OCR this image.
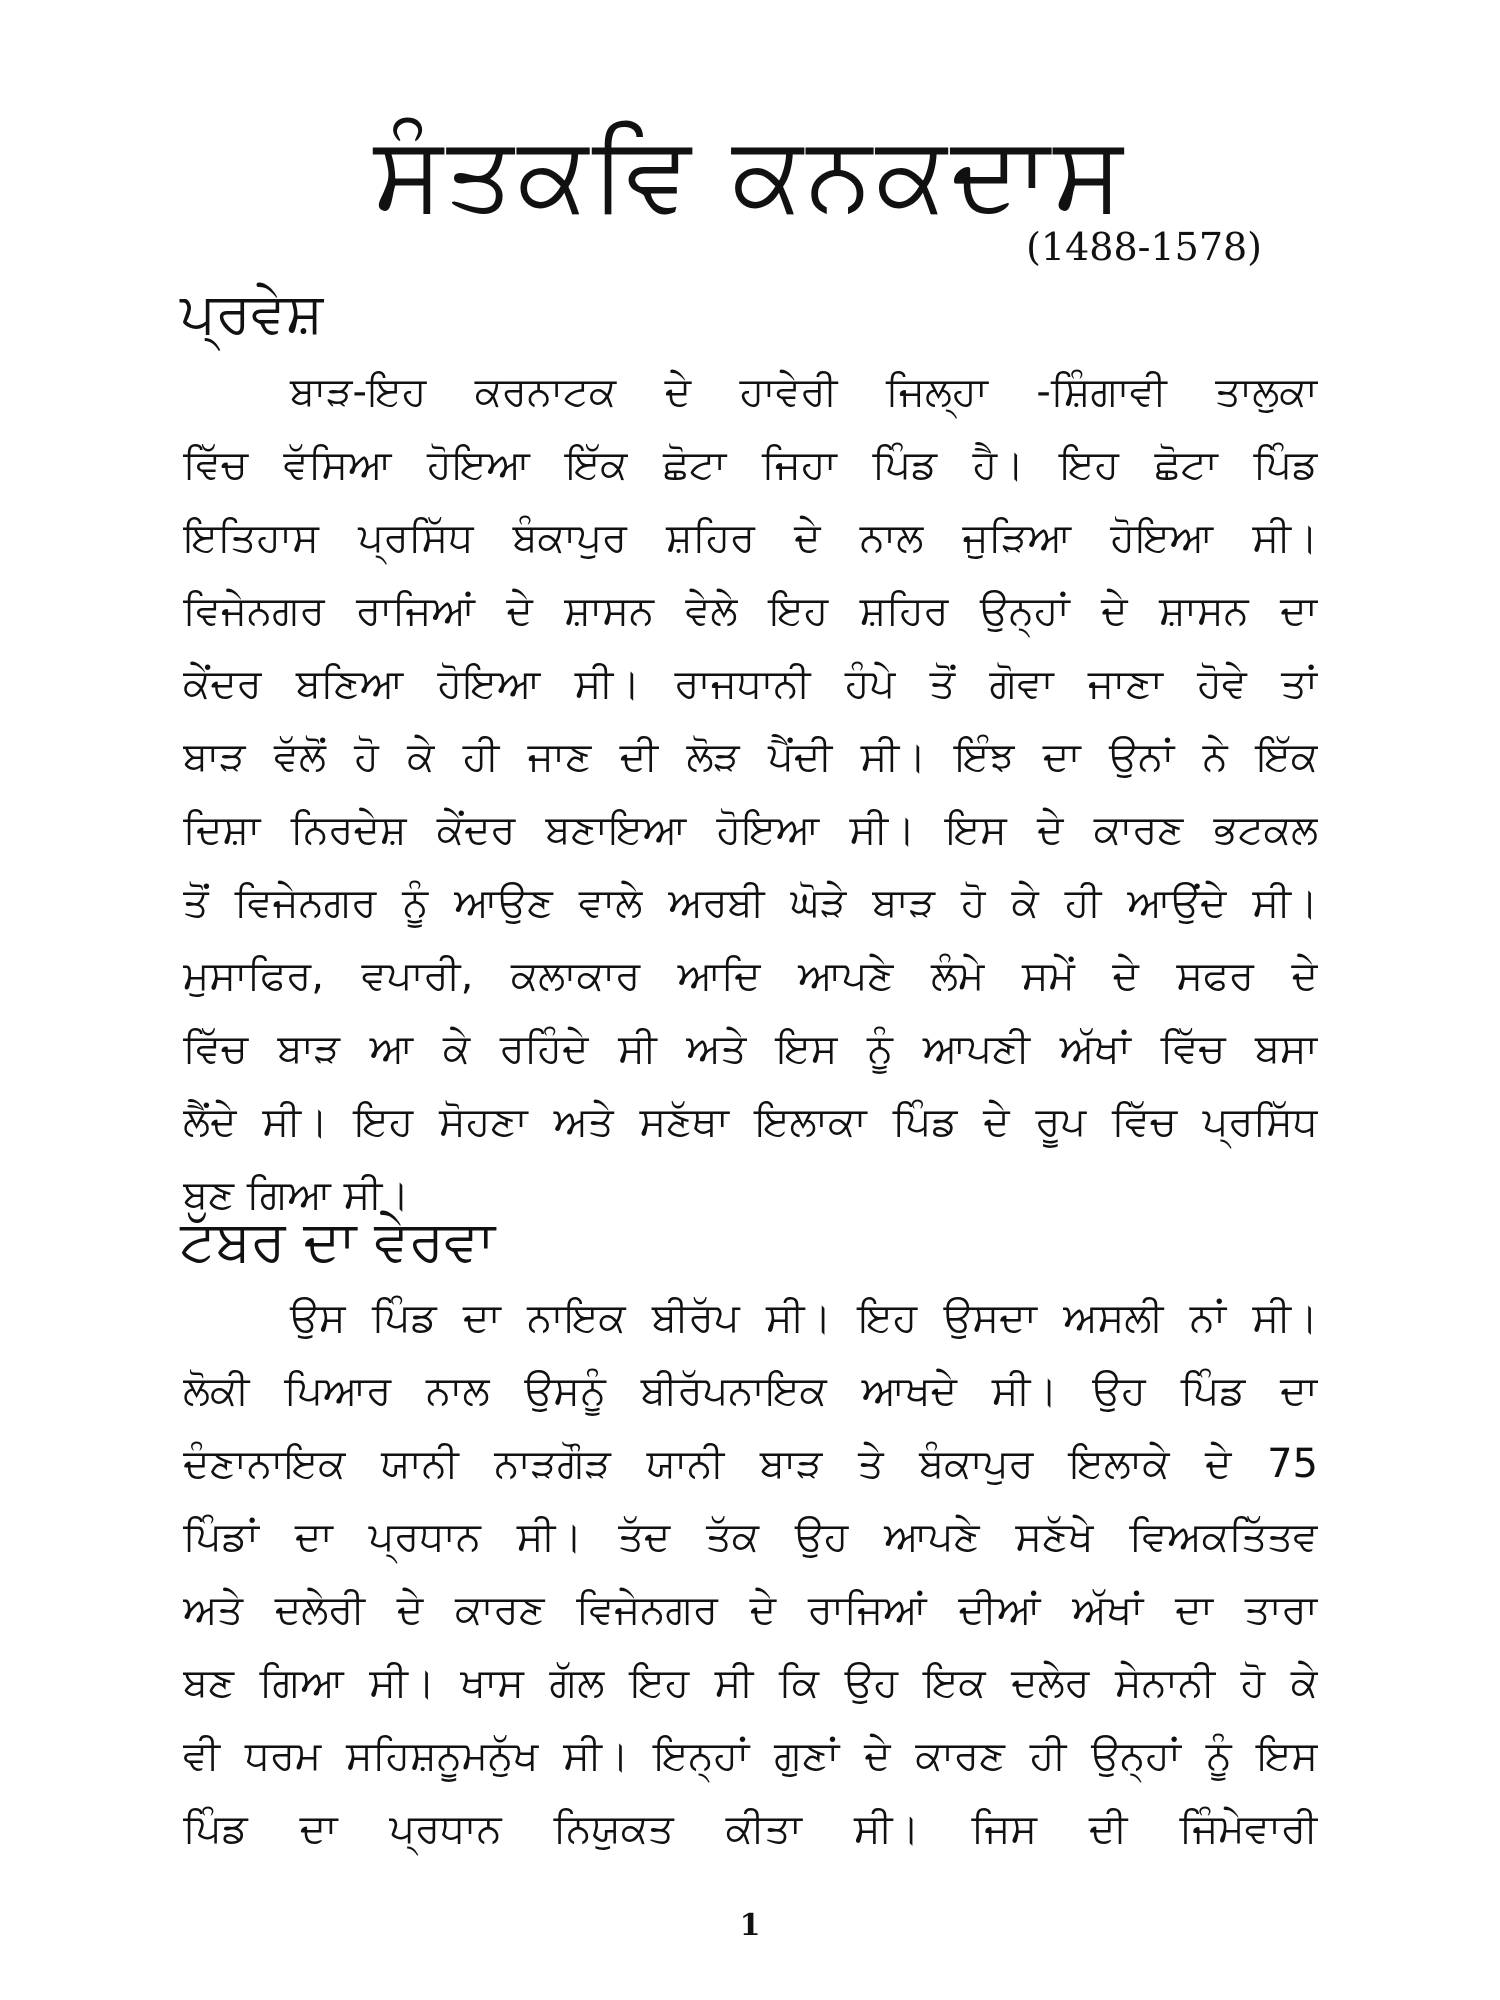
ਸੰਤਕਵਿ ਕਨਕਦਾਸ
(1488-1578)
ਪ੍ਰਵੇਸ਼
ਬਾੜ-ਇਹ ਕਰਨਾਟਕ ਦੇ ਹਾਵੇਰੀ ਜਿਲ੍ਹਾ -ਸ਼ਿੰਗਾਵੀ ਤਾਲੁਕਾ
ਵਿੱਚ ਵੱਸਿਆ ਹੋਇਆ ਇੱਕ ਛੋਟਾ ਜਿਹਾ ਪਿੰਡ ਹੈ। ਇਹ ਛੋਟਾ ਪਿੰਡ
ਇਤਿਹਾਸ ਪ੍ਰਸਿੱਧ ਬੰਕਾਪੁਰ ਸ਼ਹਿਰ ਦੇ ਨਾਲ ਜੁੜਿਆ ਹੋਇਆ ਸੀ।
ਵਿਜੇਨਗਰ ਰਾਜਿਆਂ ਦੇ ਸ਼ਾਸਨ ਵੇਲੇ ਇਹ ਸ਼ਹਿਰ ਉਨ੍ਹਾਂ ਦੇ ਸ਼ਾਸਨ ਦਾ
ਕੇਂਦਰ ਬਣਿਆ ਹੋਇਆ ਸੀ। ਰਾਜਧਾਨੀ ਹੰਪੇ ਤੋਂ ਗੋਵਾ ਜਾਣਾ ਹੋਵੇ ਤਾਂ
ਬਾੜ ਵੱਲੋਂ ਹੋ ਕੇ ਹੀ ਜਾਣ ਦੀ ਲੋੜ ਪੈਂਦੀ ਸੀ। ਇੰਝ ਦਾ ਉਨਾਂ ਨੇ ਇੱਕ
ਦਿਸ਼ਾ ਨਿਰਦੇਸ਼ ਕੇਂਦਰ ਬਣਾਇਆ ਹੋਇਆ ਸੀ। ਇਸ ਦੇ ਕਾਰਣ ਭਟਕਲ
ਤੋਂ ਵਿਜੇਨਗਰ ਨੂੰ ਆਉਣ ਵਾਲੇ ਅਰਬੀ ਘੋੜੇ ਬਾੜ ਹੋ ਕੇ ਹੀ ਆਉਂਦੇ ਸੀ।
ਮੁਸਾਫਿਰ, ਵਪਾਰੀ, ਕਲਾਕਾਰ ਆਦਿ ਆਪਣੇ ਲੰਮੇ ਸਮੇਂ ਦੇ ਸਫਰ ਦੇ
ਵਿੱਚ ਬਾੜ ਆ ਕੇ ਰਹਿੰਦੇ ਸੀ ਅਤੇ ਇਸ ਨੂੰ ਆਪਣੀ ਅੱਖਾਂ ਵਿੱਚ ਬਸਾ
ਲੈਂਦੇ ਸੀ। ਇਹ ਸੋਹਣਾ ਅਤੇ ਸਣੱਥਾ ਇਲਾਕਾ ਪਿੰਡ ਦੇ ਰੂਪ ਵਿੱਚ ਪ੍ਰਸਿੱਧ
ਬਣ ਗਿਆ ਸੀ।
ਟੱਬਰ ਦਾ ਵੇਰਵਾ
ਉਸ ਪਿੰਡ ਦਾ ਨਾਇਕ ਬੀਰੱਪ ਸੀ। ਇਹ ਉਸਦਾ ਅਸਲੀ ਨਾਂ ਸੀ।
ਲੋਕੀ ਪਿਆਰ ਨਾਲ ਉਸਨੂੰ ਬੀਰੱਪਨਾਇਕ ਆਖਦੇ ਸੀ। ਉਹ ਪਿੰਡ ਦਾ
ਦੰਣਾਨਾਇਕ ਯਾਨੀ ਨਾੜਗੌੜ ਯਾਨੀ ਬਾੜ ਤੇ ਬੰਕਾਪੁਰ ਇਲਾਕੇ ਦੇ 75
ਪਿੰਡਾਂ ਦਾ ਪ੍ਰਧਾਨ ਸੀ। ਤੱਦ ਤੱਕ ਉਹ ਆਪਣੇ ਸਣੱਖੇ ਵਿਅਕਤਿੱਤਵ
ਅਤੇ ਦਲੇਰੀ ਦੇ ਕਾਰਣ ਵਿਜੇਨਗਰ ਦੇ ਰਾਜਿਆਂ ਦੀਆਂ ਅੱਖਾਂ ਦਾ ਤਾਰਾ
ਬਣ ਗਿਆ ਸੀ। ਖਾਸ ਗੱਲ ਇਹ ਸੀ ਕਿ ਉਹ ਇਕ ਦਲੇਰ ਸੇਨਾਨੀ ਹੋ ਕੇ
ਵੀ ਧਰਮ ਸਹਿਸ਼ਨੂਮਨੁੱਖ ਸੀ। ਇਨ੍ਹਾਂ ਗੁਣਾਂ ਦੇ ਕਾਰਣ ਹੀ ਉਨ੍ਹਾਂ ਨੂੰ ਇਸ
ਪਿੰਡ ਦਾ ਪ੍ਰਧਾਨ ਨਿਯੁਕਤ ਕੀਤਾ ਸੀ। ਜਿਸ ਦੀ ਜਿੰਮੇਵਾਰੀ
1
